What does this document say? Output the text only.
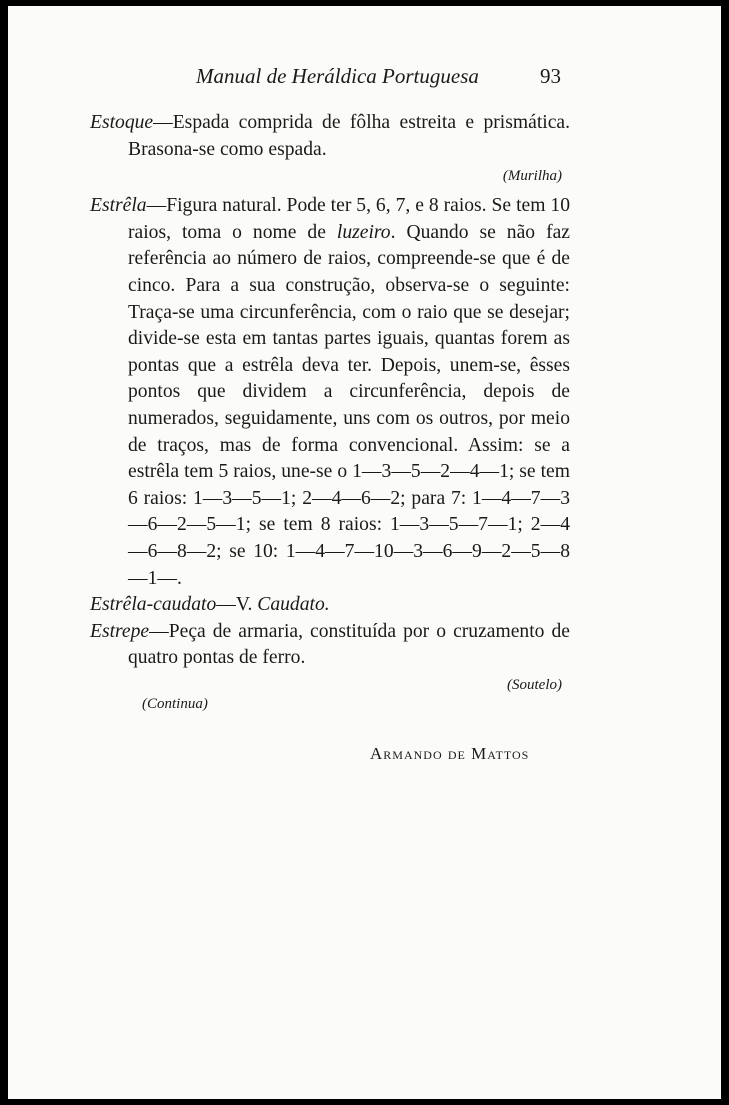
Manual de Heráldica Portuguesa	93

Estoque—Espada comprida de fôlha estreita e prismática. Brasona-se como espada.

(Murilha)

Estrêla—Figura natural. Pode ter 5, 6, 7, e 8 raios. Se tem 10 raios, toma o nome de luzeiro. Quando se não faz referência ao número de raios, compreende-se que é de cinco. Para a sua construção, observa-se o seguinte: Traça-se uma circunferência, com o raio que se desejar; divide-se esta em tantas partes iguais, quantas forem as pontas que a estrêla deva ter. Depois, unem-se, êsses pontos que dividem a circunferência, depois de numerados, seguidamente, uns com os outros, por meio de traços, mas de forma convencional. Assim: se a estrêla tem 5 raios, une-se o 1—3—5—2—4—1; se tem 6 raios: 1—3—5—1; 2—4—6—2; para 7: 1—4—7—3—6—2—5—1; se tem 8 raios: 1—3—5—7—1; 2—4—6—8—2; se 10: 1—4—7—10—3—6—9—2—5—8—1—.

Estrêla-caudato—V. Caudato.

Estrepe—Peça de armaria, constituída por o cruzamento de quatro pontas de ferro.

(Soutelo)
(Continua)
Armando de Mattos
